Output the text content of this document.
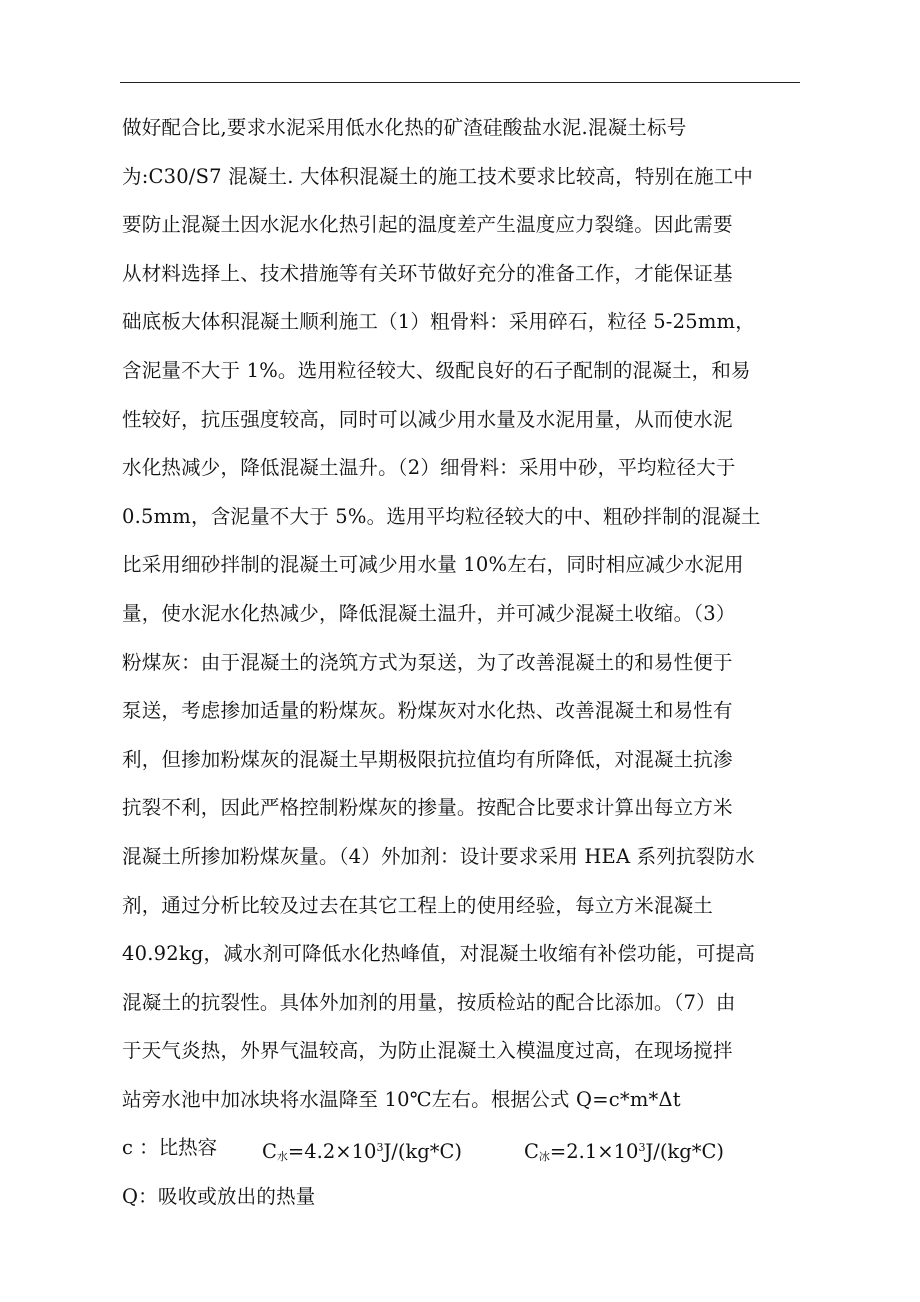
做好配合比,要求水泥采用低水化热的矿渣硅酸盐水泥.混凝土标号
为:C30/S7 混凝土. 大体积混凝土的施工技术要求比较高，特别在施工中
要防止混凝土因水泥水化热引起的温度差产生温度应力裂缝。因此需要
从材料选择上、技术措施等有关环节做好充分的准备工作，才能保证基
础底板大体积混凝土顺利施工（1）粗骨料：采用碎石，粒径 5-25mm，
含泥量不大于 1%。选用粒径较大、级配良好的石子配制的混凝土，和易
性较好，抗压强度较高，同时可以减少用水量及水泥用量，从而使水泥
水化热减少，降低混凝土温升。（2）细骨料：采用中砂，平均粒径大于
0.5mm，含泥量不大于 5%。选用平均粒径较大的中、粗砂拌制的混凝土
比采用细砂拌制的混凝土可减少用水量 10%左右，同时相应减少水泥用
量，使水泥水化热减少，降低混凝土温升，并可减少混凝土收缩。（3）
粉煤灰：由于混凝土的浇筑方式为泵送，为了改善混凝土的和易性便于
泵送，考虑掺加适量的粉煤灰。粉煤灰对水化热、改善混凝土和易性有
利，但掺加粉煤灰的混凝土早期极限抗拉值均有所降低，对混凝土抗渗
抗裂不利，因此严格控制粉煤灰的掺量。按配合比要求计算出每立方米
混凝土所掺加粉煤灰量。（4）外加剂：设计要求采用 HEA 系列抗裂防水
剂，通过分析比较及过去在其它工程上的使用经验，每立方米混凝土
40.92kg，减水剂可降低水化热峰值，对混凝土收缩有补偿功能，可提高
混凝土的抗裂性。具体外加剂的用量，按质检站的配合比添加。（7）由
于天气炎热，外界气温较高，为防止混凝土入模温度过高，在现场搅拌
站旁水池中加冰块将水温降至 10℃左右。根据公式 Q=c*m*Δt
c ：比热容 $C_水=4.2\times 10^3J/(kg*C)$	$C_冰=2.1\times 10^3J/(kg*C)$
Q：吸收或放出的热量
